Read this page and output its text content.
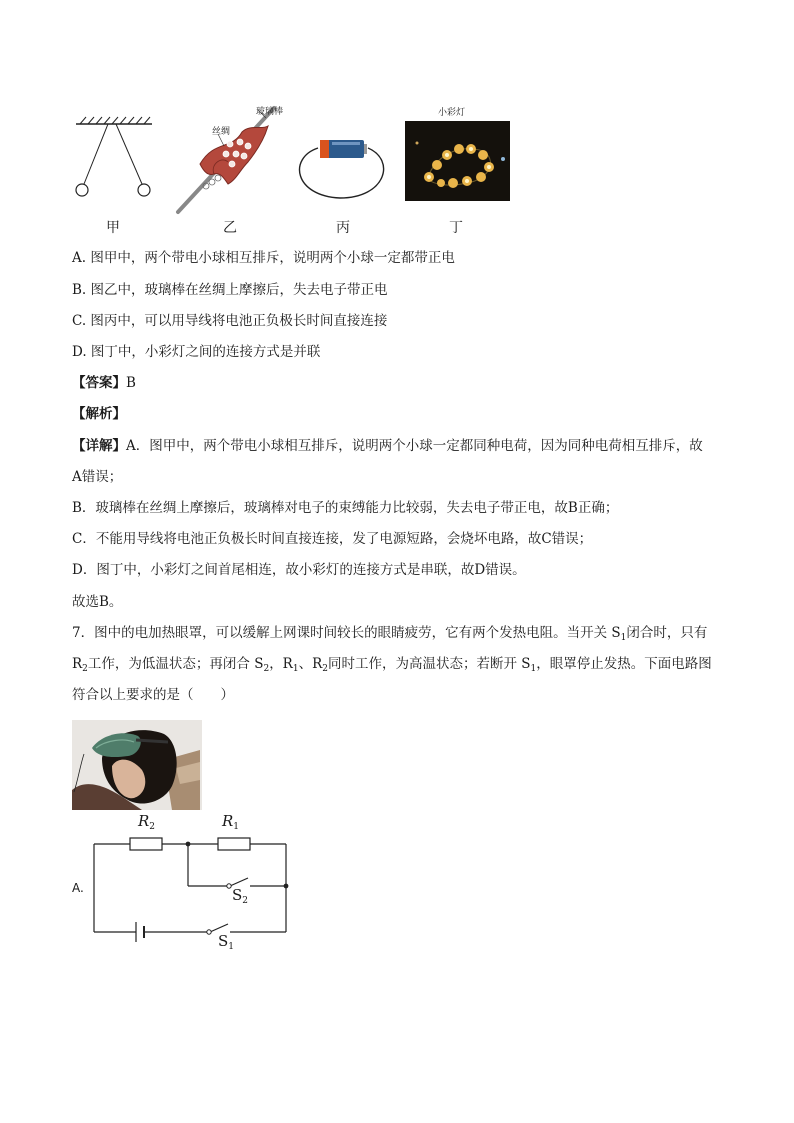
丝绸
玻璃棒	小彩灯
甲	乙	丙	丁
A. 图甲中，两个带电小球相互排斥，说明两个小球一定都带正电
B. 图乙中，玻璃棒在丝绸上摩擦后，失去电子带正电
C. 图丙中，可以用导线将电池正负极长时间直接连接
D. 图丁中，小彩灯之间的连接方式是并联
【答案】B
【解析】
【详解】A．图甲中，两个带电小球相互排斥，说明两个小球一定都同种电荷，因为同种电荷相互排斥，故
A错误；
B．玻璃棒在丝绸上摩擦后，玻璃棒对电子的束缚能力比较弱，失去电子带正电，故B正确；
C．不能用导线将电池正负极长时间直接连接，发了电源短路，会烧坏电路，故C错误；
D．图丁中，小彩灯之间首尾相连，故小彩灯的连接方式是串联，故D错误。
故选B。
7．图中的电加热眼罩，可以缓解上网课时间较长的眼睛疲劳，它有两个发热电阻。当开关 $S_1$闭合时，只有
$R_2$工作，为低温状态；再闭合 $S_2$，$R_1$、$R_2$同时工作，为高温状态；若断开 $S_1$，眼罩停止发热。下面电路图
符合以上要求的是（　　）
A.
$R_2$	$R_1$
$S_2$
$S_1$
